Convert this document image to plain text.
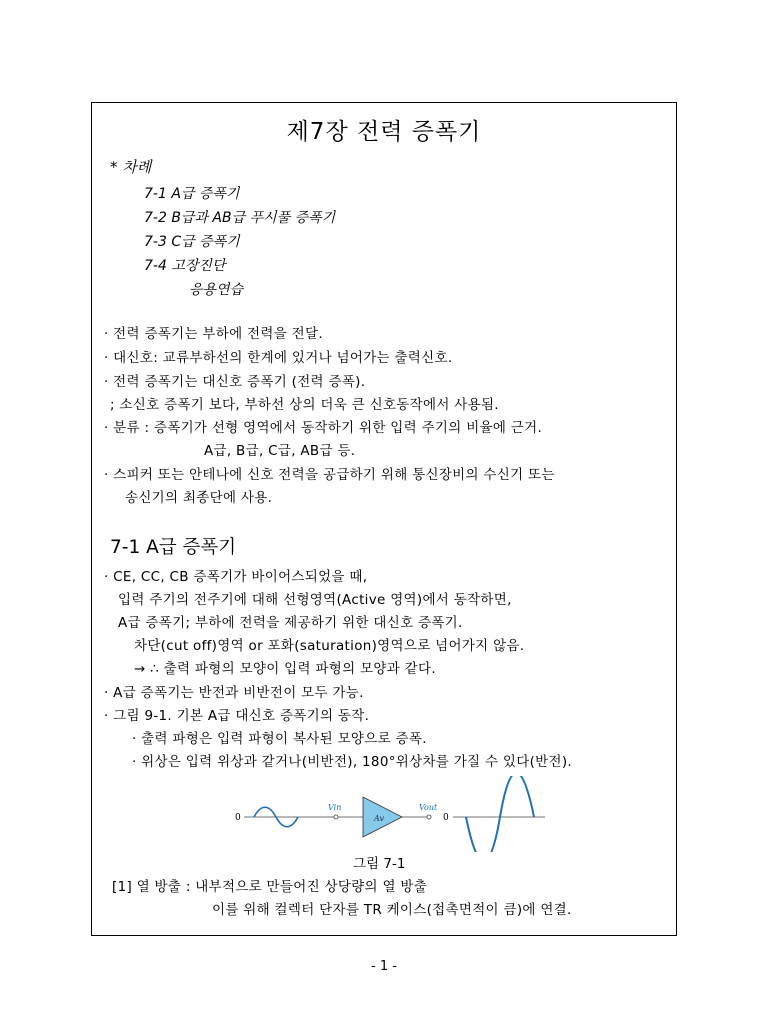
제7장 전력 증폭기
* 차례
7-1 A급 증폭기
7-2 B급과 AB급 푸시풀 증폭기
7-3 C급 증폭기
7-4 고장진단
응용연습
· 전력 증폭기는 부하에 전력을 전달.
· 대신호: 교류부하선의 한계에 있거나 넘어가는 출력신호.
· 전력 증폭기는 대신호 증폭기 (전력 증폭).
; 소신호 증폭기 보다, 부하선 상의 더욱 큰 신호동작에서 사용됨.
· 분류 : 증폭기가 선형 영역에서 동작하기 위한 입력 주기의 비율에 근거.
A급, B급, C급, AB급 등.
· 스피커 또는 안테나에 신호 전력을 공급하기 위해 통신장비의 수신기 또는
송신기의 최종단에 사용.
7-1 A급 증폭기
· CE, CC, CB 증폭기가 바이어스되었을 때,
입력 주기의 전주기에 대해 선형영역(Active 영역)에서 동작하면,
A급 증폭기; 부하에 전력을 제공하기 위한 대신호 증폭기.
차단(cut off)영역 or 포화(saturation)영역으로 넘어가지 않음.
→ ∴ 출력 파형의 모양이 입력 파형의 모양과 같다.
· A급 증폭기는 반전과 비반전이 모두 가능.
· 그림 9-1. 기본 A급 대신호 증폭기의 동작.
· 출력 파형은 입력 파형이 복사된 모양으로 증폭.
· 위상은 입력 위상과 같거나(비반전), 180°위상차를 가질 수 있다(반전).
0
Vin
Av
Vout
0
그림 7-1
[1] 열 방출 : 내부적으로 만들어진 상당량의 열 방출
이를 위해 컬렉터 단자를 TR 케이스(접촉면적이 큼)에 연결.
- 1 -
